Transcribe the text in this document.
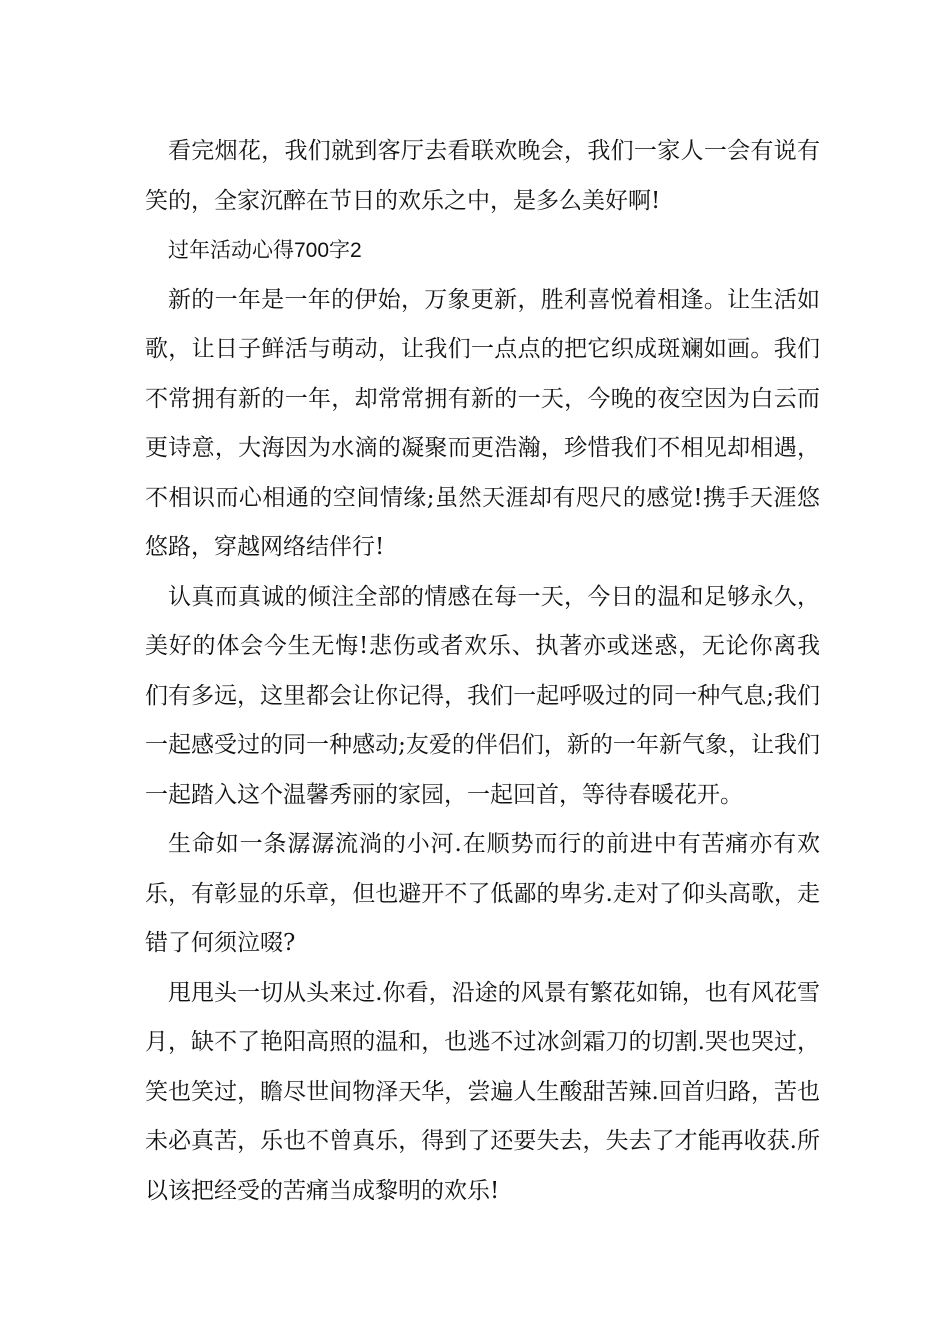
看完烟花，我们就到客厅去看联欢晚会，我们一家人一会有说有笑的，全家沉醉在节日的欢乐之中，是多么美好啊!

过年活动心得700字2

新的一年是一年的伊始，万象更新，胜利喜悦着相逢。让生活如歌，让日子鲜活与萌动，让我们一点点的把它织成斑斓如画。我们不常拥有新的一年，却常常拥有新的一天，今晚的夜空因为白云而更诗意，大海因为水滴的凝聚而更浩瀚，珍惜我们不相见却相遇，不相识而心相通的空间情缘;虽然天涯却有咫尺的感觉!携手天涯悠悠路，穿越网络结伴行!

认真而真诚的倾注全部的情感在每一天，今日的温和足够永久，美好的体会今生无悔!悲伤或者欢乐、执著亦或迷惑，无论你离我们有多远，这里都会让你记得，我们一起呼吸过的同一种气息;我们一起感受过的同一种感动;友爱的伴侣们，新的一年新气象，让我们一起踏入这个温馨秀丽的家园，一起回首，等待春暖花开。

生命如一条潺潺流淌的小河.在顺势而行的前进中有苦痛亦有欢乐，有彰显的乐章，但也避开不了低鄙的卑劣.走对了仰头高歌，走错了何须泣啜?

甩甩头一切从头来过.你看，沿途的风景有繁花如锦，也有风花雪月，缺不了艳阳高照的温和，也逃不过冰剑霜刀的切割.哭也哭过，笑也笑过，瞻尽世间物泽天华，尝遍人生酸甜苦辣.回首归路，苦也未必真苦，乐也不曾真乐，得到了还要失去，失去了才能再收获.所以该把经受的苦痛当成黎明的欢乐!
